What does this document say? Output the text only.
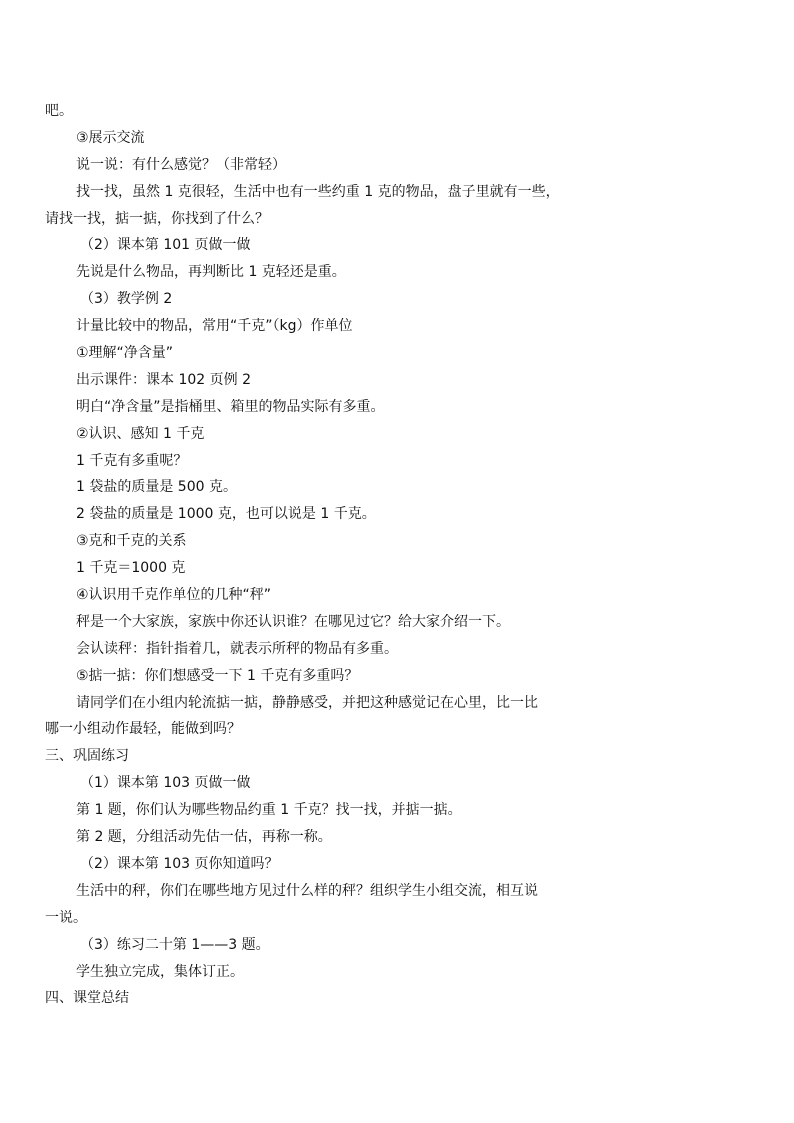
吧。
③展示交流
说一说：有什么感觉？（非常轻）
找一找，虽然 1 克很轻，生活中也有一些约重 1 克的物品，盘子里就有一些，
请找一找，掂一掂，你找到了什么？
（2）课本第 101 页做一做
先说是什么物品，再判断比 1 克轻还是重。
（3）教学例 2
计量比较中的物品，常用“千克”（kg）作单位
①理解“净含量”
出示课件：课本 102 页例 2
明白“净含量”是指桶里、箱里的物品实际有多重。
②认识、感知 1 千克
1 千克有多重呢？
1 袋盐的质量是 500 克。
2 袋盐的质量是 1000 克，也可以说是 1 千克。
③克和千克的关系
1 千克＝1000 克
④认识用千克作单位的几种“秤”
秤是一个大家族，家族中你还认识谁？在哪见过它？给大家介绍一下。
会认读秤：指针指着几，就表示所秤的物品有多重。
⑤掂一掂：你们想感受一下 1 千克有多重吗？
请同学们在小组内轮流掂一掂，静静感受，并把这种感觉记在心里，比一比
哪一小组动作最轻，能做到吗？
三、巩固练习
（1）课本第 103 页做一做
第 1 题，你们认为哪些物品约重 1 千克？找一找，并掂一掂。
第 2 题，分组活动先估一估，再称一称。
（2）课本第 103 页你知道吗？
生活中的秤，你们在哪些地方见过什么样的秤？组织学生小组交流，相互说
一说。
（3）练习二十第 1——3 题。
学生独立完成，集体订正。
四、课堂总结
